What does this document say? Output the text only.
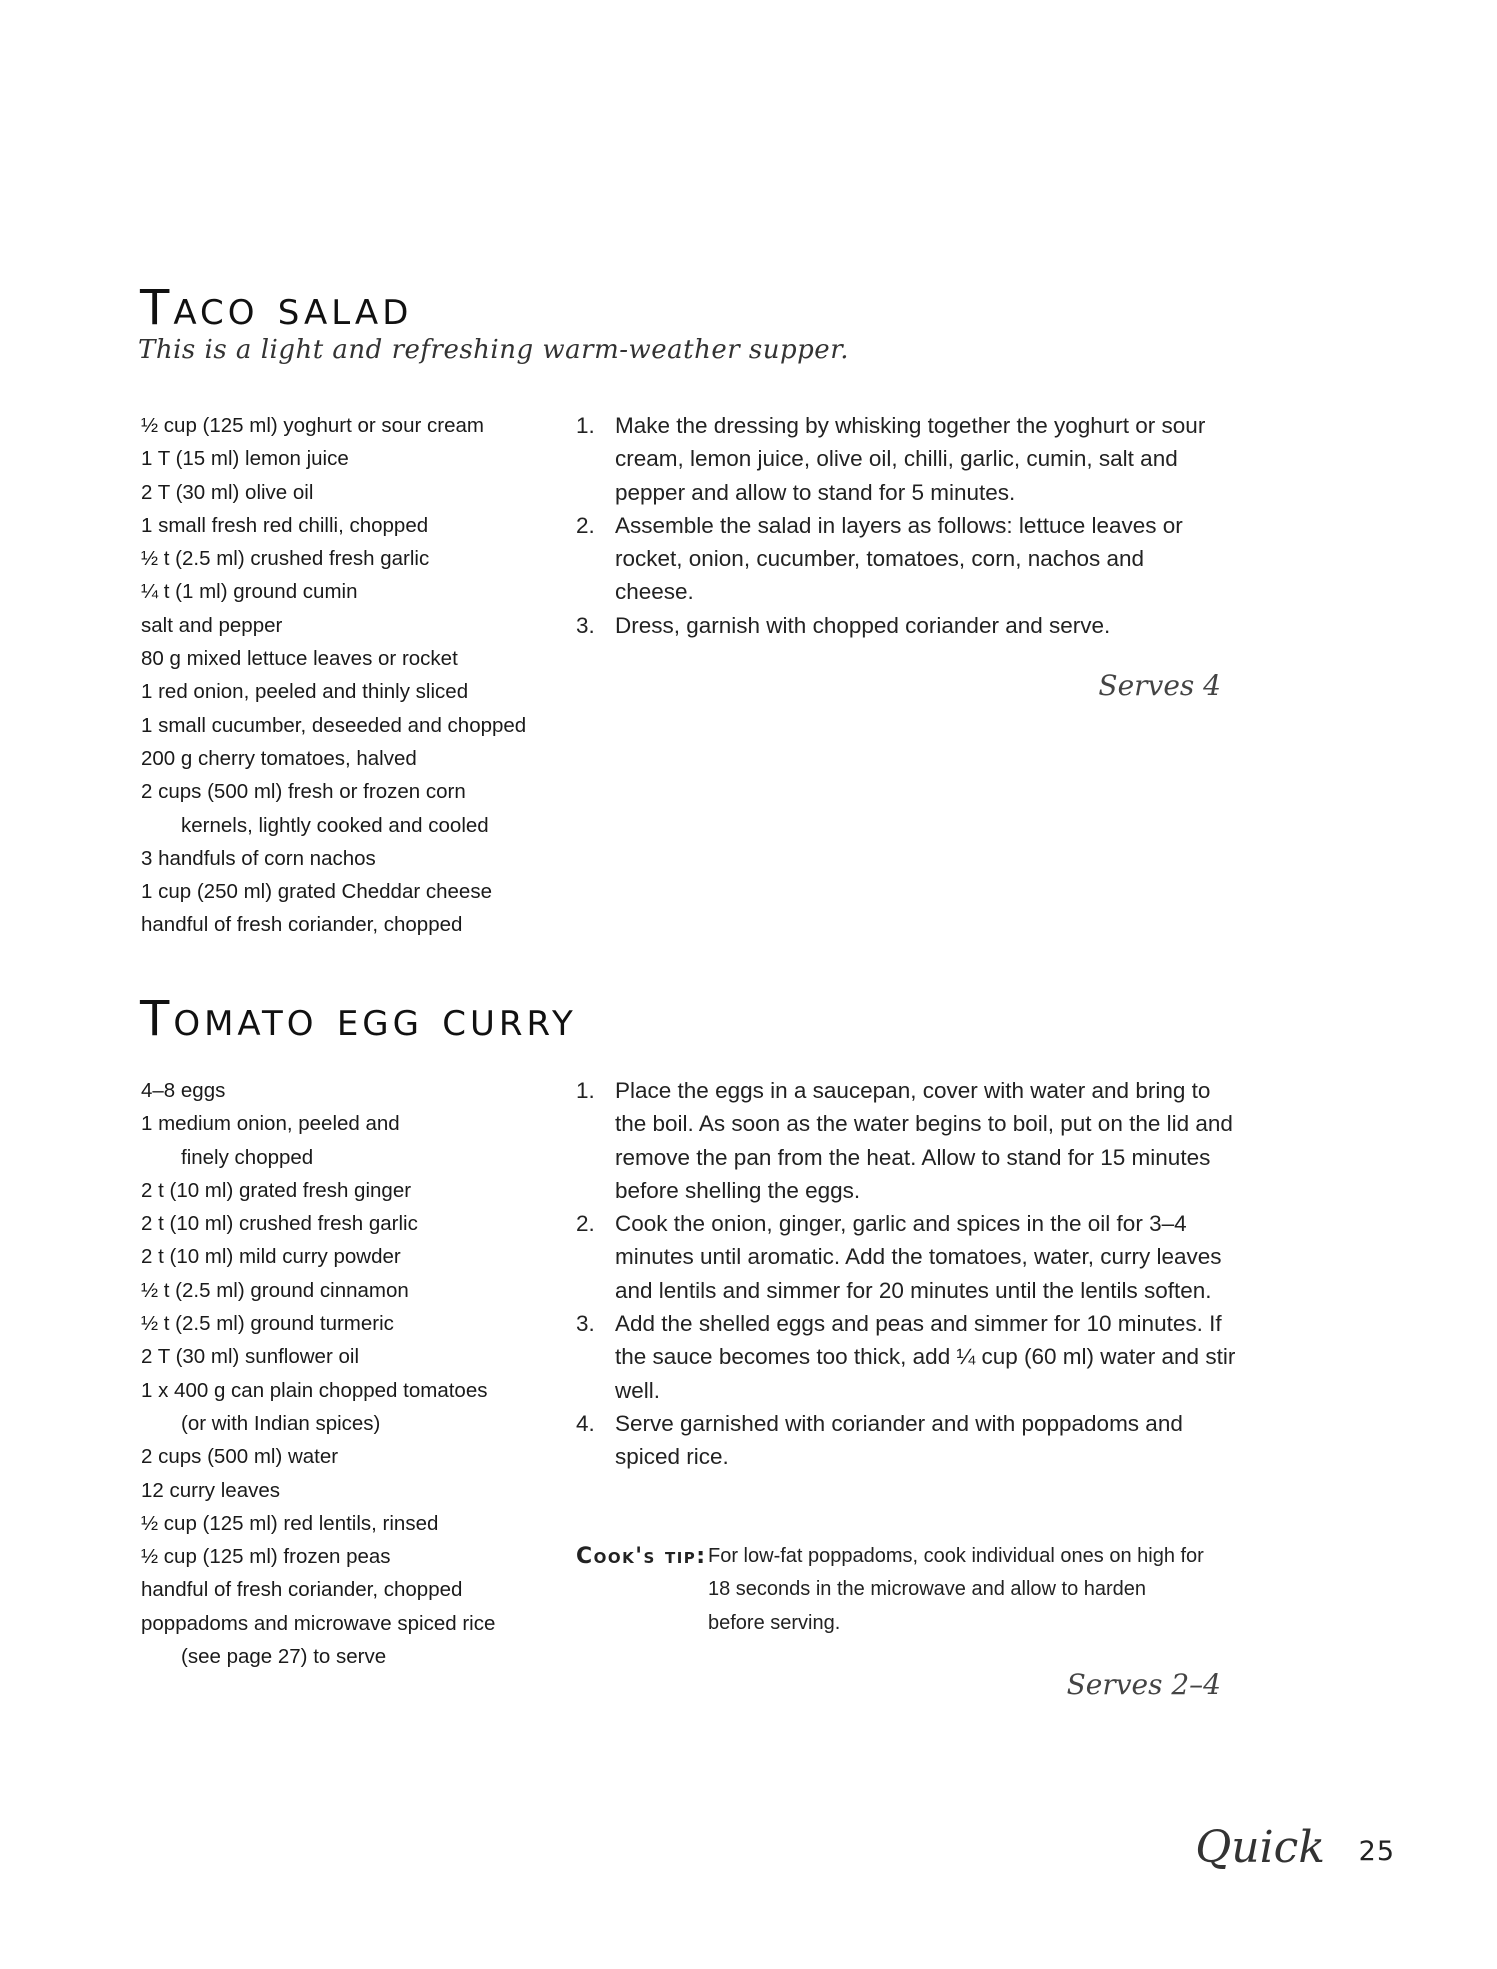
Taco salad
This is a light and refreshing warm-weather supper.
½ cup (125 ml) yoghurt or sour cream
1 T (15 ml) lemon juice
2 T (30 ml) olive oil
1 small fresh red chilli, chopped
½ t (2.5 ml) crushed fresh garlic
¼ t (1 ml) ground cumin
salt and pepper
80 g mixed lettuce leaves or rocket
1 red onion, peeled and thinly sliced
1 small cucumber, deseeded and chopped
200 g cherry tomatoes, halved
2 cups (500 ml) fresh or frozen corn
kernels, lightly cooked and cooled
3 handfuls of corn nachos
1 cup (250 ml) grated Cheddar cheese
handful of fresh coriander, chopped
1. Make the dressing by whisking together the yoghurt or sour cream, lemon juice, olive oil, chilli, garlic, cumin, salt and pepper and allow to stand for 5 minutes.
2. Assemble the salad in layers as follows: lettuce leaves or rocket, onion, cucumber, tomatoes, corn, nachos and cheese.
3. Dress, garnish with chopped coriander and serve.
Serves 4
Tomato egg curry
4–8 eggs
1 medium onion, peeled and
finely chopped
2 t (10 ml) grated fresh ginger
2 t (10 ml) crushed fresh garlic
2 t (10 ml) mild curry powder
½ t (2.5 ml) ground cinnamon
½ t (2.5 ml) ground turmeric
2 T (30 ml) sunflower oil
1 x 400 g can plain chopped tomatoes
(or with Indian spices)
2 cups (500 ml) water
12 curry leaves
½ cup (125 ml) red lentils, rinsed
½ cup (125 ml) frozen peas
handful of fresh coriander, chopped
poppadoms and microwave spiced rice
(see page 27) to serve
1. Place the eggs in a saucepan, cover with water and bring to the boil. As soon as the water begins to boil, put on the lid and remove the pan from the heat. Allow to stand for 15 minutes before shelling the eggs.
2. Cook the onion, ginger, garlic and spices in the oil for 3–4 minutes until aromatic. Add the tomatoes, water, curry leaves and lentils and simmer for 20 minutes until the lentils soften.
3. Add the shelled eggs and peas and simmer for 10 minutes. If the sauce becomes too thick, add ¼ cup (60 ml) water and stir well.
4. Serve garnished with coriander and with poppadoms and spiced rice.
Cook's tip: For low-fat poppadoms, cook individual ones on high for 18 seconds in the microwave and allow to harden before serving.
Serves 2–4
Quick 25
